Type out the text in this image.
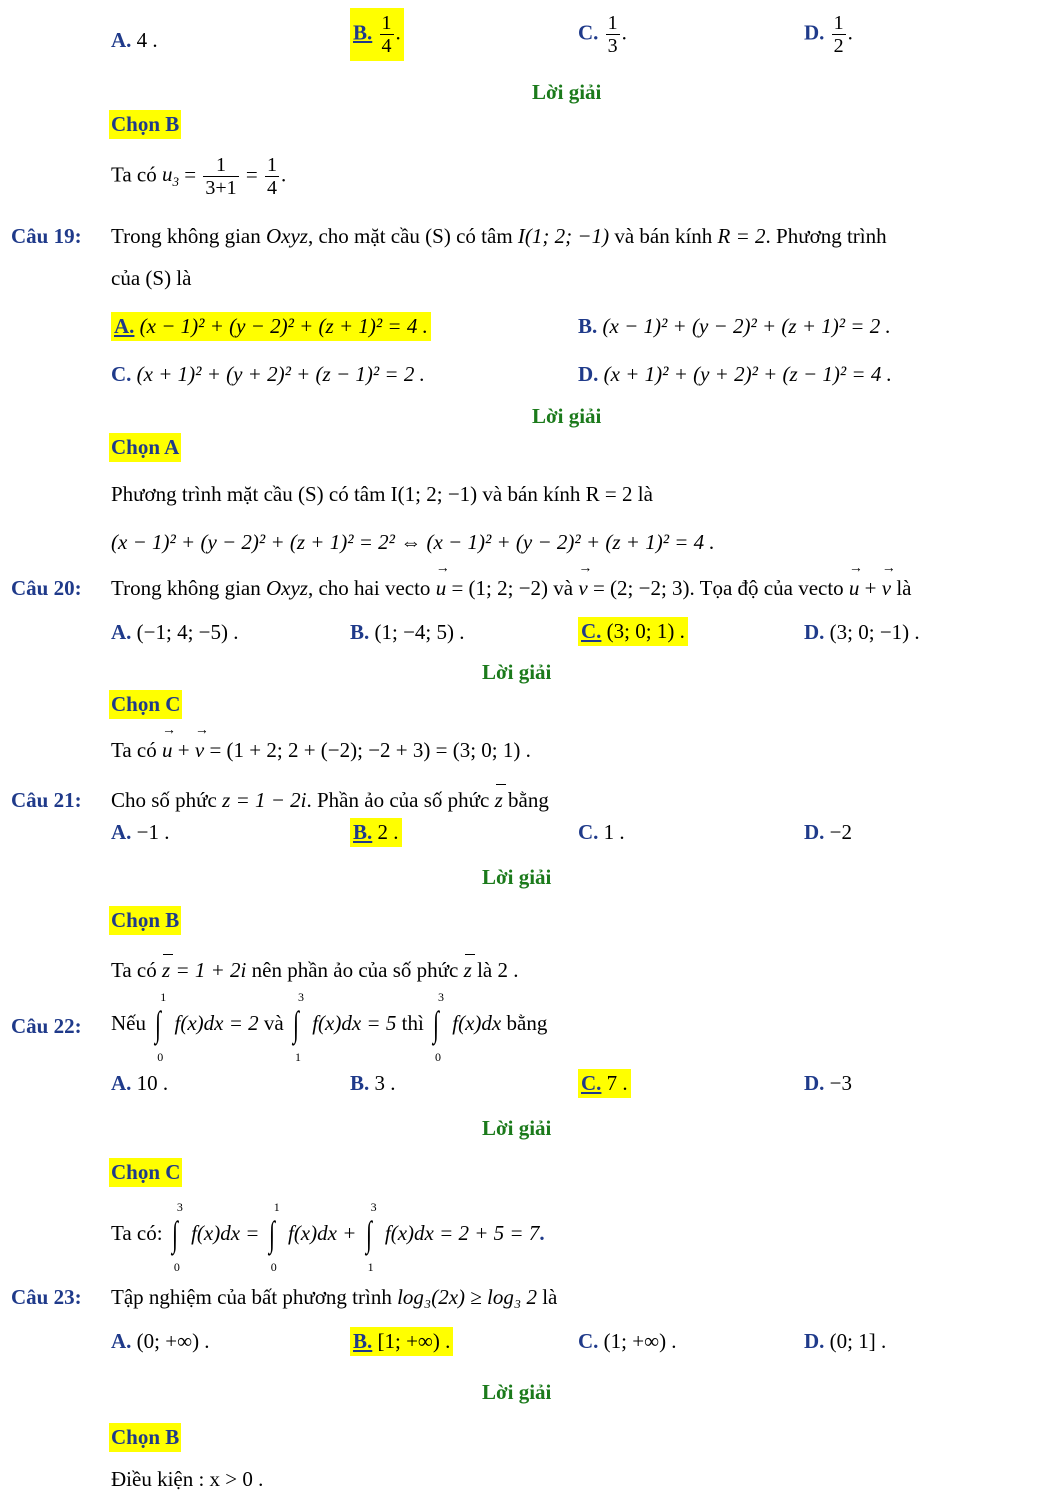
A. 4 .	B. $\frac{1}{4}$ .	C. $\frac{1}{3}$ .	D. $\frac{1}{2}$ .
Lời giải
Chọn B
Ta có $u_3 = \frac{1}{3+1} = \frac{1}{4}$ .
Câu 19: Trong không gian Oxyz, cho mặt cầu (S) có tâm I(1; 2; −1) và bán kính R = 2. Phương trình
của (S) là
A. (x − 1)² + (y − 2)² + (z + 1)² = 4 .	B. (x − 1)² + (y − 2)² + (z + 1)² = 2 .
C. (x + 1)² + (y + 2)² + (z − 1)² = 2 .	D. (x + 1)² + (y + 2)² + (z − 1)² = 4 .
Lời giải
Chọn A
Phương trình mặt cầu (S) có tâm I(1; 2; −1) và bán kính R = 2 là
(x − 1)² + (y − 2)² + (z + 1)² = 2² ⇔ (x − 1)² + (y − 2)² + (z + 1)² = 4 .
Câu 20: Trong không gian Oxyz, cho hai vecto → u = (1; 2; −2) và → v = (2; −2; 3). Tọa độ của vecto → u + → v là
A. (−1; 4; −5) .	B. (1; −4; 5) .	C. (3; 0; 1) .	D. (3; 0; −1) .
Lời giải
Chọn C
Ta có → u + → v = (1 + 2; 2 + (−2); −2 + 3) = (3; 0; 1) .
Câu 21: Cho số phức z = 1 − 2i. Phần ảo của số phức z bằng
A. −1 .	B. 2 .	C. 1 .	D. −2
Lời giải
Chọn B
Ta có z = 1 + 2i nên phần ảo của số phức z là 2 .
Câu 22: Nếu
1
∫
0
f(x)dx = 2 và
3
∫
1
f(x)dx = 5 thì
3
∫
0
f(x)dx bằng
A. 10 .	B. 3 .	C. 7 .	D. −3
Lời giải
Chọn C
Ta có:
3
∫
0
f(x)dx =
1
∫
0
f(x)dx +
3
∫
1
f(x)dx = 2 + 5 = 7.
Câu 23: Tập nghiệm của bất phương trình log₃(2x) ≥ log₃ 2 là
A. (0; +∞) .	B. [1; +∞) .	C. (1; +∞) .	D. (0; 1] .
Lời giải
Chọn B
Điều kiện : x > 0 .
